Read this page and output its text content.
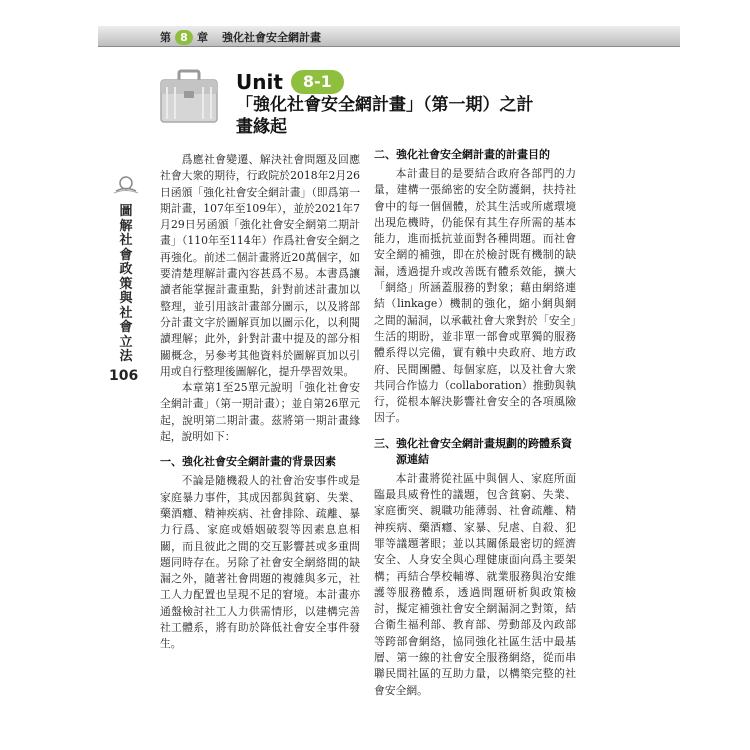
第 8 章 強化社會安全網計畫
Unit	8-1
「強化社會安全網計畫」（第一期）之計畫緣起
圖解社會政策與社會立法
106

爲應社會變遷、解決社會問題及回應社會大衆的期待，行政院於2018年2月26日函頒「強化社會安全網計畫」（即爲第一期計畫，107年至109年），並於2021年7月29日另函頒「強化社會安全網第二期計畫」（110年至114年）作爲社會安全網之再強化。前述二個計畫將近20萬個字，如要清楚理解計畫內容甚爲不易。本書爲讓讀者能掌握計畫重點，針對前述計畫加以整理，並引用該計畫部分圖示，以及將部分計畫文字於圖解頁加以圖示化，以利閱讀理解；此外，針對計畫中提及的部分相關概念，另參考其他資料於圖解頁加以引用或自行整理後圖解化，提升學習效果。

本章第1至25單元說明「強化社會安全網計畫」（第一期計畫）；並自第26單元起，說明第二期計畫。茲將第一期計畫緣起，說明如下：

一、強化社會安全網計畫的背景因素

不論是隨機殺人的社會治安事件或是家庭暴力事件，其成因都與貧窮、失業、藥酒癮、精神疾病、社會排除、疏離、暴力行爲、家庭或婚姻破裂等因素息息相關，而且彼此之間的交互影響甚或多重問題同時存在。另除了社會安全網絡間的缺漏之外，隨著社會問題的複雜與多元，社工人力配置也呈現不足的窘境。本計畫亦通盤檢討社工人力供需情形，以建構完善社工體系，將有助於降低社會安全事件發生。

二、強化社會安全網計畫的計畫目的

本計畫目的是要結合政府各部門的力量，建構一張綿密的安全防護網，扶持社會中的每一個個體，於其生活或所處環境出現危機時，仍能保有其生存所需的基本能力，進而抵抗並面對各種問題。而社會安全網的補強，即在於檢討既有機制的缺漏，透過提升或改善既有體系效能，擴大「網絡」所涵蓋服務的對象；藉由網絡連結（linkage）機制的強化，縮小網與網之間的漏洞，以承載社會大衆對於「安全」生活的期盼，並非單一部會或單獨的服務體系得以完備，實有賴中央政府、地方政府、民間團體、每個家庭，以及社會大衆共同合作協力（collaboration）推動與執行，從根本解決影響社會安全的各項風險因子。

三、強化社會安全網計畫規劃的跨體系資源連結

本計畫將從社區中與個人、家庭所面臨最具威脅性的議題，包含貧窮、失業、家庭衝突、親職功能薄弱、社會疏離、精神疾病、藥酒癮、家暴、兒虐、自殺、犯罪等議題著眼；並以其關係最密切的經濟安全、人身安全與心理健康面向爲主要架構；再結合學校輔導、就業服務與治安維護等服務體系，透過問題研析與政策檢討，擬定補強社會安全網漏洞之對策，結合衛生福利部、教育部、勞動部及內政部等跨部會網絡，協同強化社區生活中最基層、第一線的社會安全服務網絡，從而串聯民間社區的互助力量，以構築完整的社會安全網。
